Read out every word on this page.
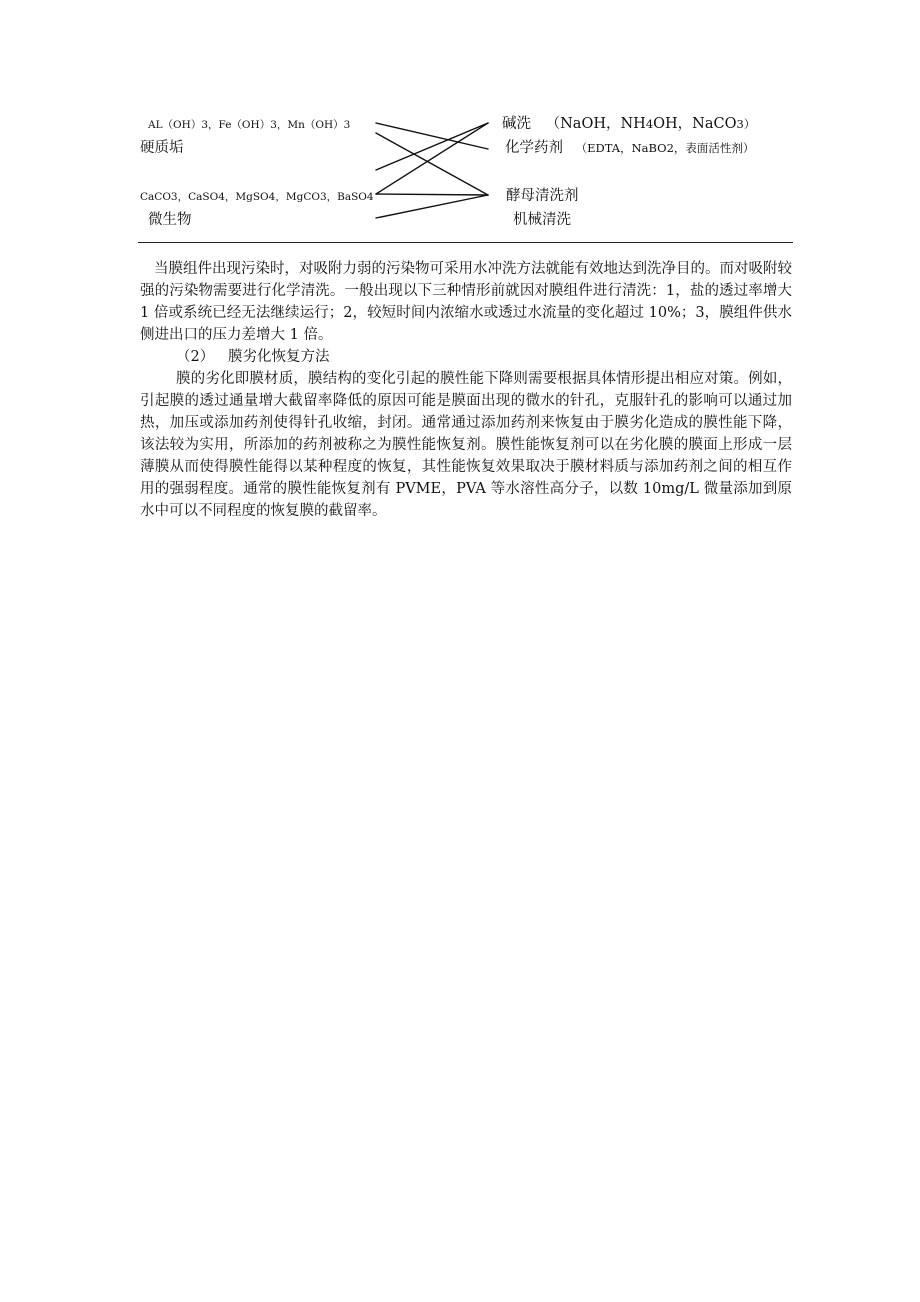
AL（OH）3，Fe（OH）3，Mn（OH）3
硬质垢
CaCO3，CaSO4，MgSO4，MgCO3，BaSO4
微生物
碱洗 （NaOH，NH4OH，NaCO3）
化学药剂 （EDTA，NaBO2，表面活性剂）
酵母清洗剂
机械清洗

当膜组件出现污染时，对吸附力弱的污染物可采用水冲洗方法就能有效地达到洗净目的。而对吸附较强的污染物需要进行化学清洗。一般出现以下三种情形前就因对膜组件进行清洗：1，盐的透过率增大 1 倍或系统已经无法继续运行；2，较短时间内浓缩水或透过水流量的变化超过 10%；3，膜组件供水侧进出口的压力差增大 1 倍。

（2） 膜劣化恢复方法

膜的劣化即膜材质，膜结构的变化引起的膜性能下降则需要根据具体情形提出相应对策。例如，引起膜的透过通量增大截留率降低的原因可能是膜面出现的微水的针孔，克服针孔的影响可以通过加热，加压或添加药剂使得针孔收缩，封闭。通常通过添加药剂来恢复由于膜劣化造成的膜性能下降，该法较为实用，所添加的药剂被称之为膜性能恢复剂。膜性能恢复剂可以在劣化膜的膜面上形成一层薄膜从而使得膜性能得以某种程度的恢复，其性能恢复效果取决于膜材料质与添加药剂之间的相互作用的强弱程度。通常的膜性能恢复剂有 PVME，PVA 等水溶性高分子，以数 10mg/L 微量添加到原水中可以不同程度的恢复膜的截留率。
